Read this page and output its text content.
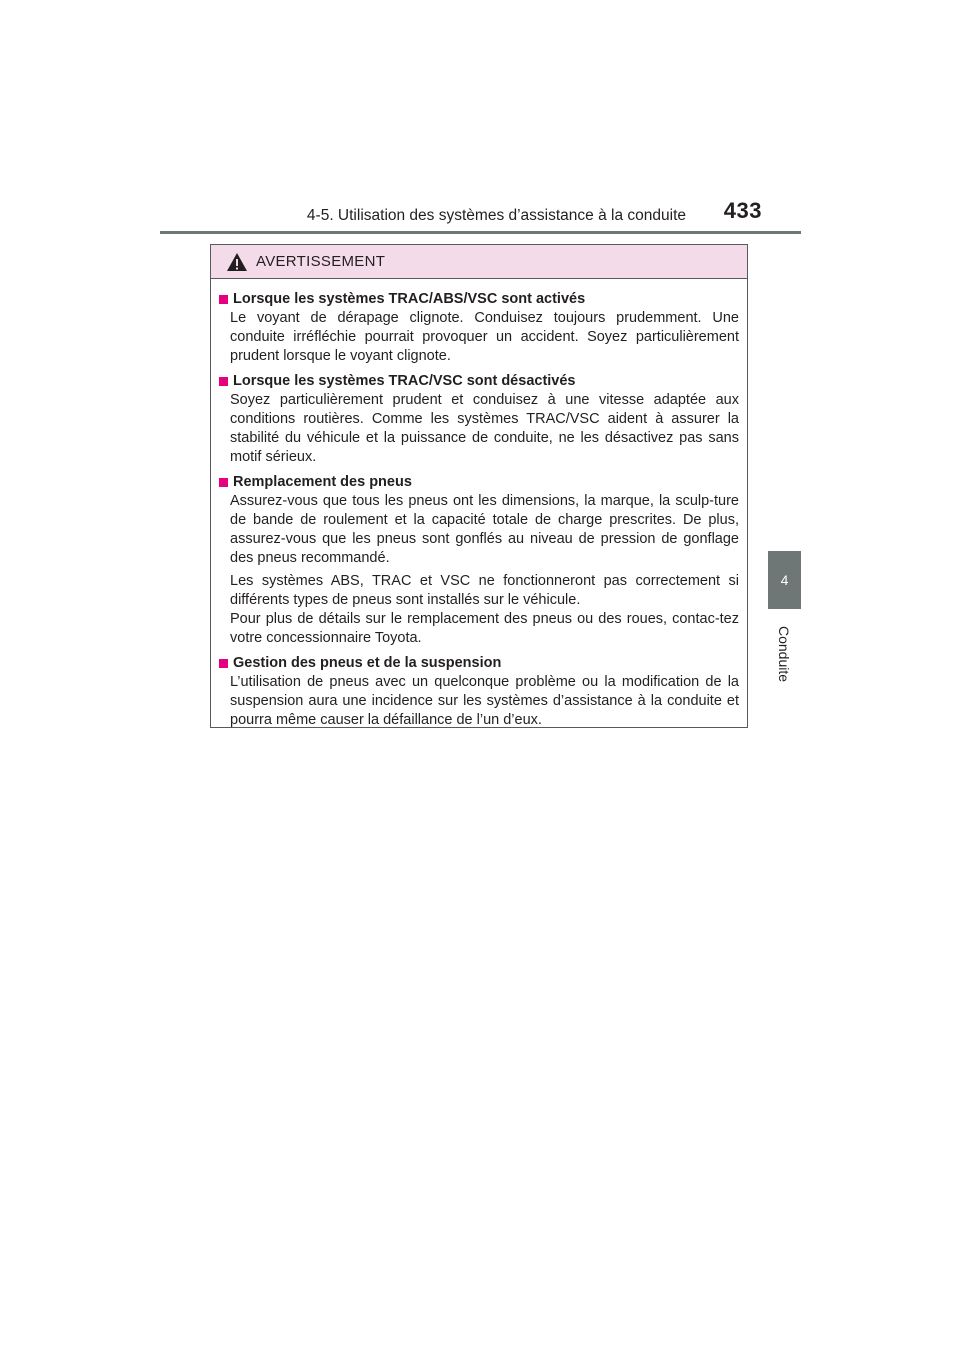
4-5. Utilisation des systèmes d’assistance à la conduite	433
4
Conduite
AVERTISSEMENT
Lorsque les systèmes TRAC/ABS/VSC sont activés

Le voyant de dérapage clignote. Conduisez toujours prudemment. Une conduite irréfléchie pourrait provoquer un accident. Soyez particulièrement prudent lorsque le voyant clignote.

Lorsque les systèmes TRAC/VSC sont désactivés

Soyez particulièrement prudent et conduisez à une vitesse adaptée aux conditions routières. Comme les systèmes TRAC/VSC aident à assurer la stabilité du véhicule et la puissance de conduite, ne les désactivez pas sans motif sérieux.

Remplacement des pneus

Assurez-vous que tous les pneus ont les dimensions, la marque, la sculp-ture de bande de roulement et la capacité totale de charge prescrites. De plus, assurez-vous que les pneus sont gonflés au niveau de pression de gonflage des pneus recommandé.

Les systèmes ABS, TRAC et VSC ne fonctionneront pas correctement si différents types de pneus sont installés sur le véhicule.

Pour plus de détails sur le remplacement des pneus ou des roues, contac-tez votre concessionnaire Toyota.

Gestion des pneus et de la suspension

L’utilisation de pneus avec un quelconque problème ou la modification de la suspension aura une incidence sur les systèmes d’assistance à la conduite et pourra même causer la défaillance de l’un d’eux.
